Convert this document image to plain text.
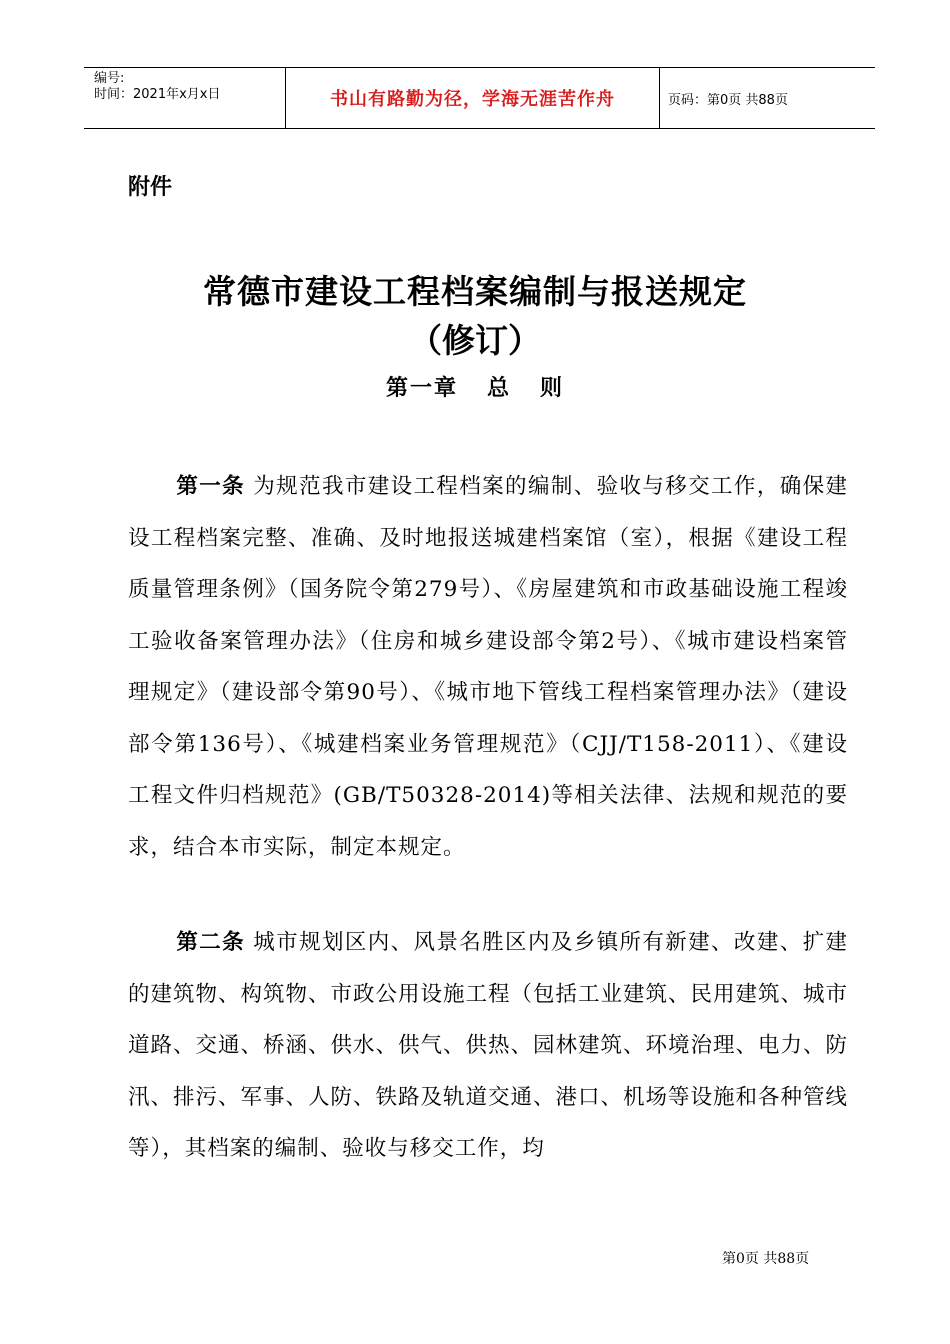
编号:
时间：2021年x月x日	书山有路勤为径，学海无涯苦作舟	页码：第0页 共88页
附件
常德市建设工程档案编制与报送规定
（修订）
第一章   总   则
第一条 为规范我市建设工程档案的编制、验收与移交工作，确保建设工程档案完整、准确、及时地报送城建档案馆（室），根据《建设工程质量管理条例》（国务院令第279号）、《房屋建筑和市政基础设施工程竣工验收备案管理办法》（住房和城乡建设部令第2号）、《城市建设档案管理规定》（建设部令第90号）、《城市地下管线工程档案管理办法》（建设部令第136号）、《城建档案业务管理规范》（CJJ/T158-2011）、《建设工程文件归档规范》(GB/T50328-2014)等相关法律、法规和规范的要求，结合本市实际，制定本规定。
第二条 城市规划区内、风景名胜区内及乡镇所有新建、改建、扩建的建筑物、构筑物、市政公用设施工程（包括工业建筑、民用建筑、城市道路、交通、桥涵、供水、供气、供热、园林建筑、环境治理、电力、防汛、排污、军事、人防、铁路及轨道交通、港口、机场等设施和各种管线等），其档案的编制、验收与移交工作，均
第0页 共88页
